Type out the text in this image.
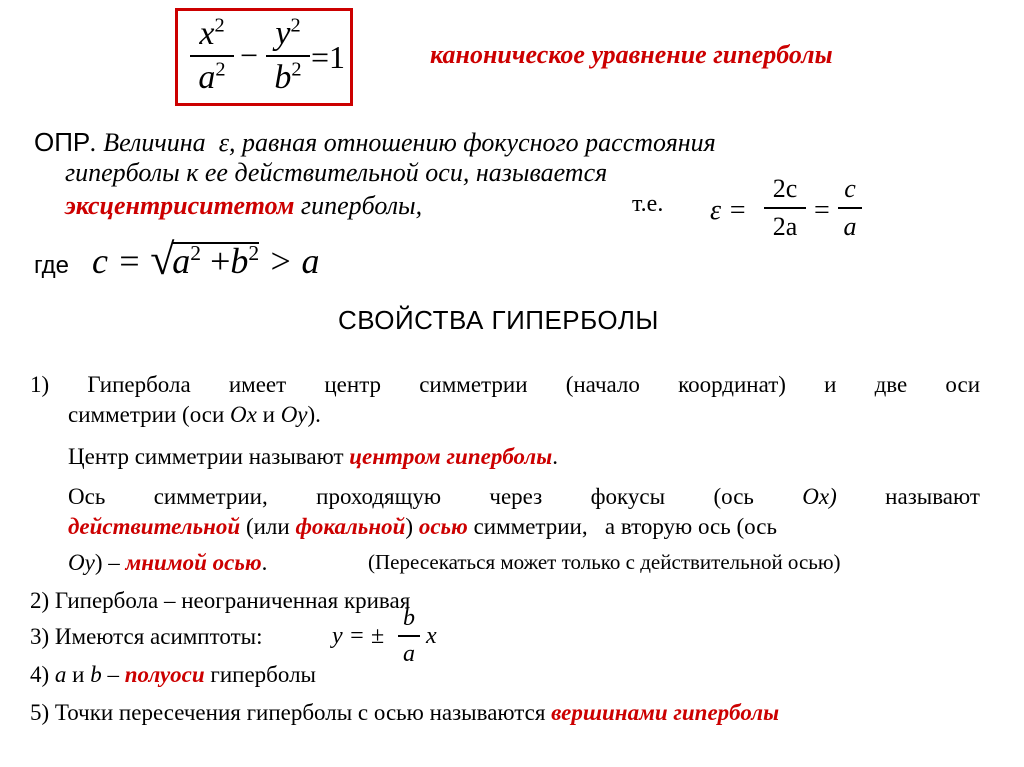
$x^2$
$a^2$ −
$y^2$
$b^2 =1$	каноническое уравнение гиперболы
ОПР. Величина ε, равная отношению фокусного расстояния
гиперболы к ее действительной оси, называется
эксцентриситетом гиперболы,	т.е. ε =
2c
2a
=
c
a
где c = √
$a^2 +b^2 > a$
СВОЙСТВА ГИПЕРБОЛЫ
1) Гипербола имеет центр симметрии (начало координат) и две оси
симметрии (оси Ox и Oy).
Центр симметрии называют центром гиперболы.
Ось симметрии, проходящую через фокусы (ось Ox) называют
действительной (или фокальной) осью симметрии,   а вторую ось (ось
Oy) – мнимой осью.	(Пересекаться может только с действительной осью)
2) Гипербола – неограниченная кривая
3) Имеются асимптоты:	y = ±
b
a
x
4) a и b – полуоси гиперболы
5) Точки пересечения гиперболы с осью называются вершинами гиперболы
